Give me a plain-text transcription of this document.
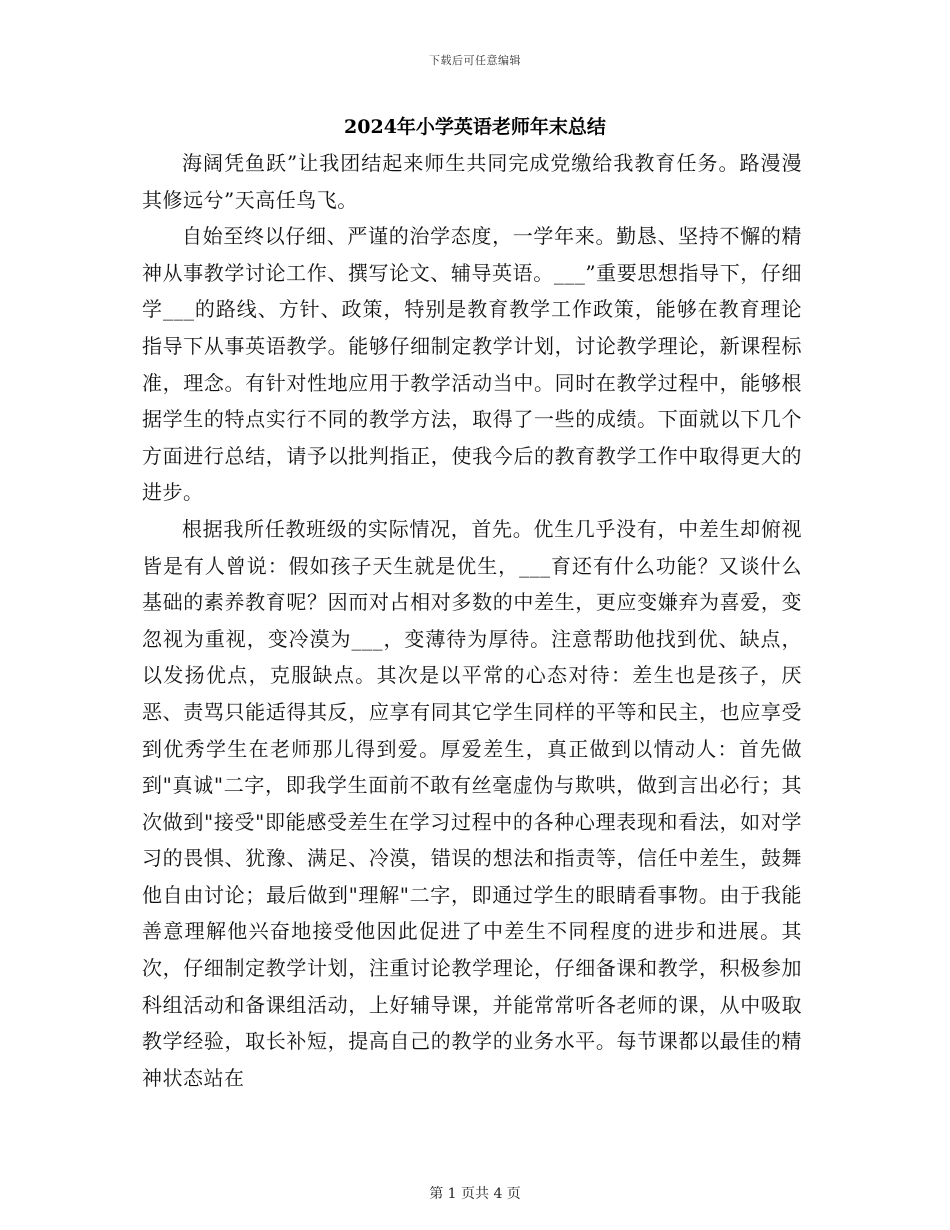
下载后可任意编辑
2024年小学英语老师年末总结

海阔凭鱼跃”让我团结起来师生共同完成党缴给我教育任务。路漫漫其修远兮”天高任鸟飞。

自始至终以仔细、严谨的治学态度，一学年来。勤恳、坚持不懈的精神从事教学讨论工作、撰写论文、辅导英语。___”重要思想指导下，仔细学___的路线、方针、政策，特别是教育教学工作政策，能够在教育理论指导下从事英语教学。能够仔细制定教学计划，讨论教学理论，新课程标准，理念。有针对性地应用于教学活动当中。同时在教学过程中，能够根据学生的特点实行不同的教学方法，取得了一些的成绩。下面就以下几个方面进行总结，请予以批判指正，使我今后的教育教学工作中取得更大的进步。

根据我所任教班级的实际情况，首先。优生几乎没有，中差生却俯视皆是有人曾说：假如孩子天生就是优生，___育还有什么功能？又谈什么基础的素养教育呢？因而对占相对多数的中差生，更应变嫌弃为喜爱，变忽视为重视，变冷漠为___，变薄待为厚待。注意帮助他找到优、缺点，以发扬优点，克服缺点。其次是以平常的心态对待：差生也是孩子，厌恶、责骂只能适得其反，应享有同其它学生同样的平等和民主，也应享受到优秀学生在老师那儿得到爱。厚爱差生，真正做到以情动人：首先做到"真诚"二字，即我学生面前不敢有丝毫虚伪与欺哄，做到言出必行；其次做到"接受"即能感受差生在学习过程中的各种心理表现和看法，如对学习的畏惧、犹豫、满足、冷漠，错误的想法和指责等，信任中差生，鼓舞他自由讨论；最后做到"理解"二字，即通过学生的眼睛看事物。由于我能善意理解他兴奋地接受他因此促进了中差生不同程度的进步和进展。其次，仔细制定教学计划，注重讨论教学理论，仔细备课和教学，积极参加科组活动和备课组活动，上好辅导课，并能常常听各老师的课，从中吸取教学经验，取长补短，提高自己的教学的业务水平。每节课都以最佳的精神状态站在

第 1 页共 4 页
